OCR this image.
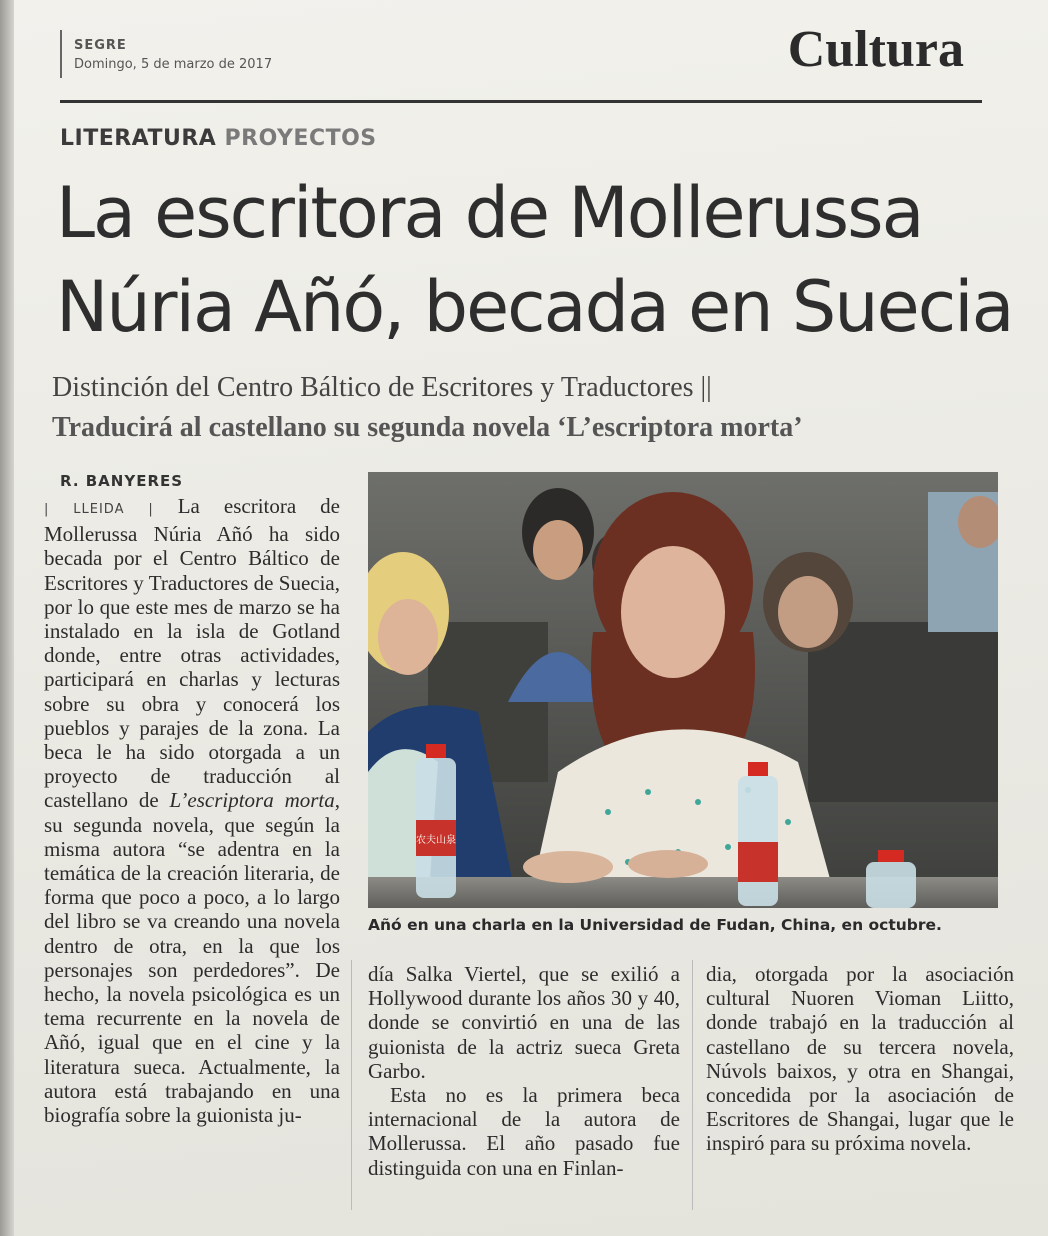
SEGRE
Domingo, 5 de marzo de 2017	Cultura
LITERATURA PROYECTOS
La escritora de Mollerussa
Núria Añó, becada en Suecia
Distinción del Centro Báltico de Escritores y Traductores ||
Traducirá al castellano su segunda novela ‘L’escriptora morta’
R. BANYERES

| LLEIDA | La escritora de Mollerussa Núria Añó ha sido becada por el Centro Báltico de Escritores y Traductores de Suecia, por lo que este mes de marzo se ha instalado en la isla de Gotland donde, entre otras actividades, participará en charlas y lecturas sobre su obra y conocerá los pueblos y parajes de la zona. La beca le ha sido otorgada a un proyecto de traducción al castellano de L’escriptora morta, su segunda novela, que según la misma autora “se adentra en la temática de la creación literaria, de forma que poco a poco, a lo largo del libro se va creando una novela dentro de otra, en la que los personajes son perdedores”. De hecho, la novela psicológica es un tema recurrente en la novela de Añó, igual que en el cine y la literatura sueca. Actualmente, la autora está trabajando en una biografía sobre la guionista ju-

农夫山泉
Añó en una charla en la Universidad de Fudan, China, en octubre.

día Salka Viertel, que se exilió a Hollywood durante los años 30 y 40, donde se convirtió en una de las guionista de la actriz sueca Greta Garbo.

Esta no es la primera beca internacional de la autora de Mollerussa. El año pasado fue distinguida con una en Finlan-

dia, otorgada por la asociación cultural Nuoren Vioman Liitto, donde trabajó en la traducción al castellano de su tercera novela, Núvols baixos, y otra en Shangai, concedida por la asociación de Escritores de Shangai, lugar que le inspiró para su próxima novela.
